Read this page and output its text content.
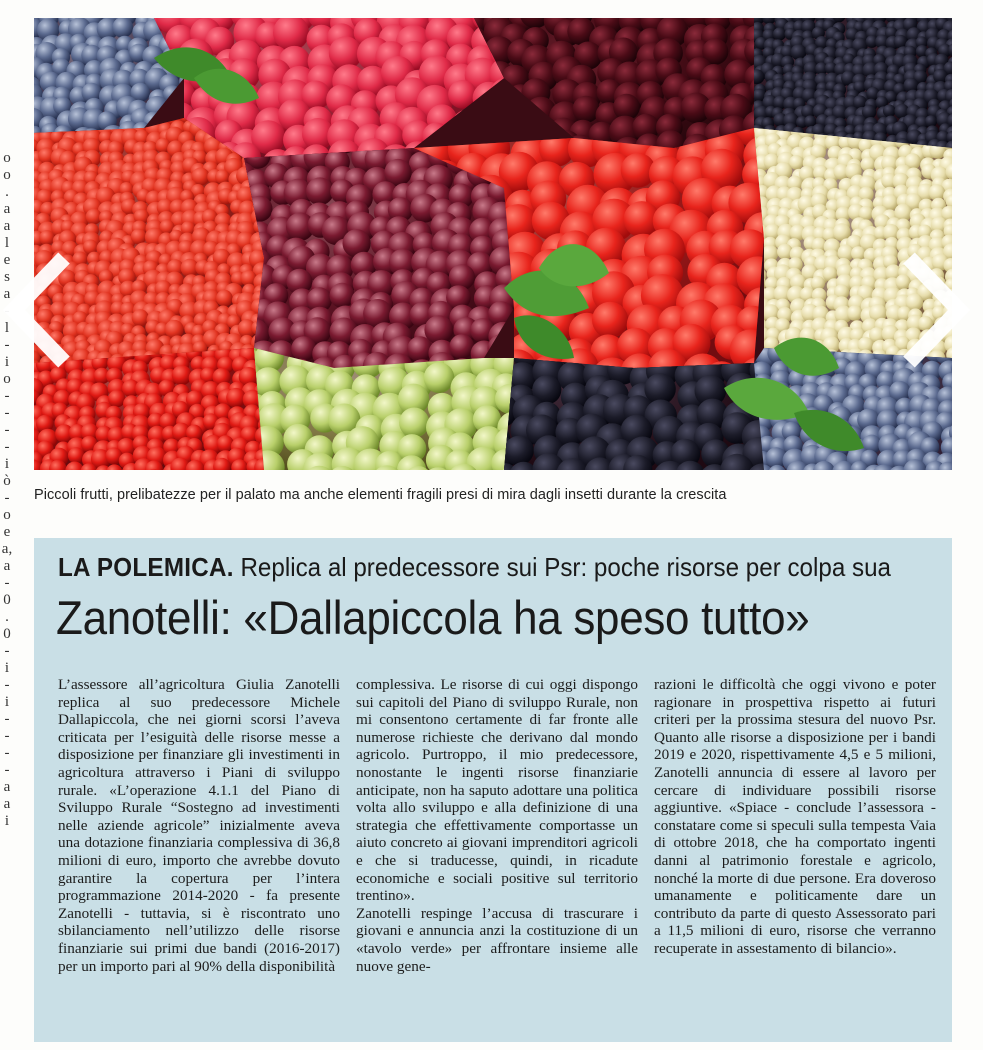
o
o
.
a
a
l
e
s
a
-
l
-
i
o
-
-
-
-
i
ò
-
o
e
a,
a
-
0
.
0
-
i
-
i
-
-
-
-
a
a
i
Piccoli frutti, prelibatezze per il palato ma anche elementi fragili presi di mira dagli insetti durante la crescita
LA POLEMICA. Replica al predecessore sui Psr: poche risorse per colpa sua
Zanotelli: «Dallapiccola ha speso tutto»

L’assessore all’agricoltura Giulia Zanotelli replica al suo predecessore Michele Dallapiccola, che nei giorni scorsi l’aveva criticata per l’esiguità delle risorse messe a disposizione per finanziare gli investimenti in agricoltura attraverso i Piani di sviluppo rurale. «L’operazione 4.1.1 del Piano di Sviluppo Rurale “Sostegno ad investimenti nelle aziende agricole” inizialmente aveva una dotazione finanziaria complessiva di 36,8 milioni di euro, importo che avrebbe dovuto garantire la copertura per l’intera programmazione 2014-2020 - fa presente Zanotelli - tuttavia, si è riscontrato uno sbilanciamento nell’utilizzo delle risorse finanziarie sui primi due bandi (2016-2017) per un importo pari al 90% della disponibilità

complessiva. Le risorse di cui oggi dispongo sui capitoli del Piano di sviluppo Rurale, non mi consentono certamente di far fronte alle numerose richieste che derivano dal mondo agricolo. Purtroppo, il mio predecessore, nonostante le ingenti risorse finanziarie anticipate, non ha saputo adottare una politica volta allo sviluppo e alla definizione di una strategia che effettivamente comportasse un aiuto concreto ai giovani imprenditori agricoli e che si traducesse, quindi, in ricadute economiche e sociali positive sul territorio trentino».

Zanotelli respinge l’accusa di trascurare i giovani e annuncia anzi la costituzione di un «tavolo verde» per affrontare insieme alle nuove gene-

razioni le difficoltà che oggi vivono e poter ragionare in prospettiva rispetto ai futuri criteri per la prossima stesura del nuovo Psr. Quanto alle risorse a disposizione per i bandi 2019 e 2020, rispettivamente 4,5 e 5 milioni, Zanotelli annuncia di essere al lavoro per cercare di individuare possibili risorse aggiuntive. «Spiace - conclude l’assessora - constatare come si speculi sulla tempesta Vaia di ottobre 2018, che ha comportato ingenti danni al patrimonio forestale e agricolo, nonché la morte di due persone. Era doveroso umanamente e politicamente dare un contributo da parte di questo Assessorato pari a 11,5 milioni di euro, risorse che verranno recuperate in assestamento di bilancio».
